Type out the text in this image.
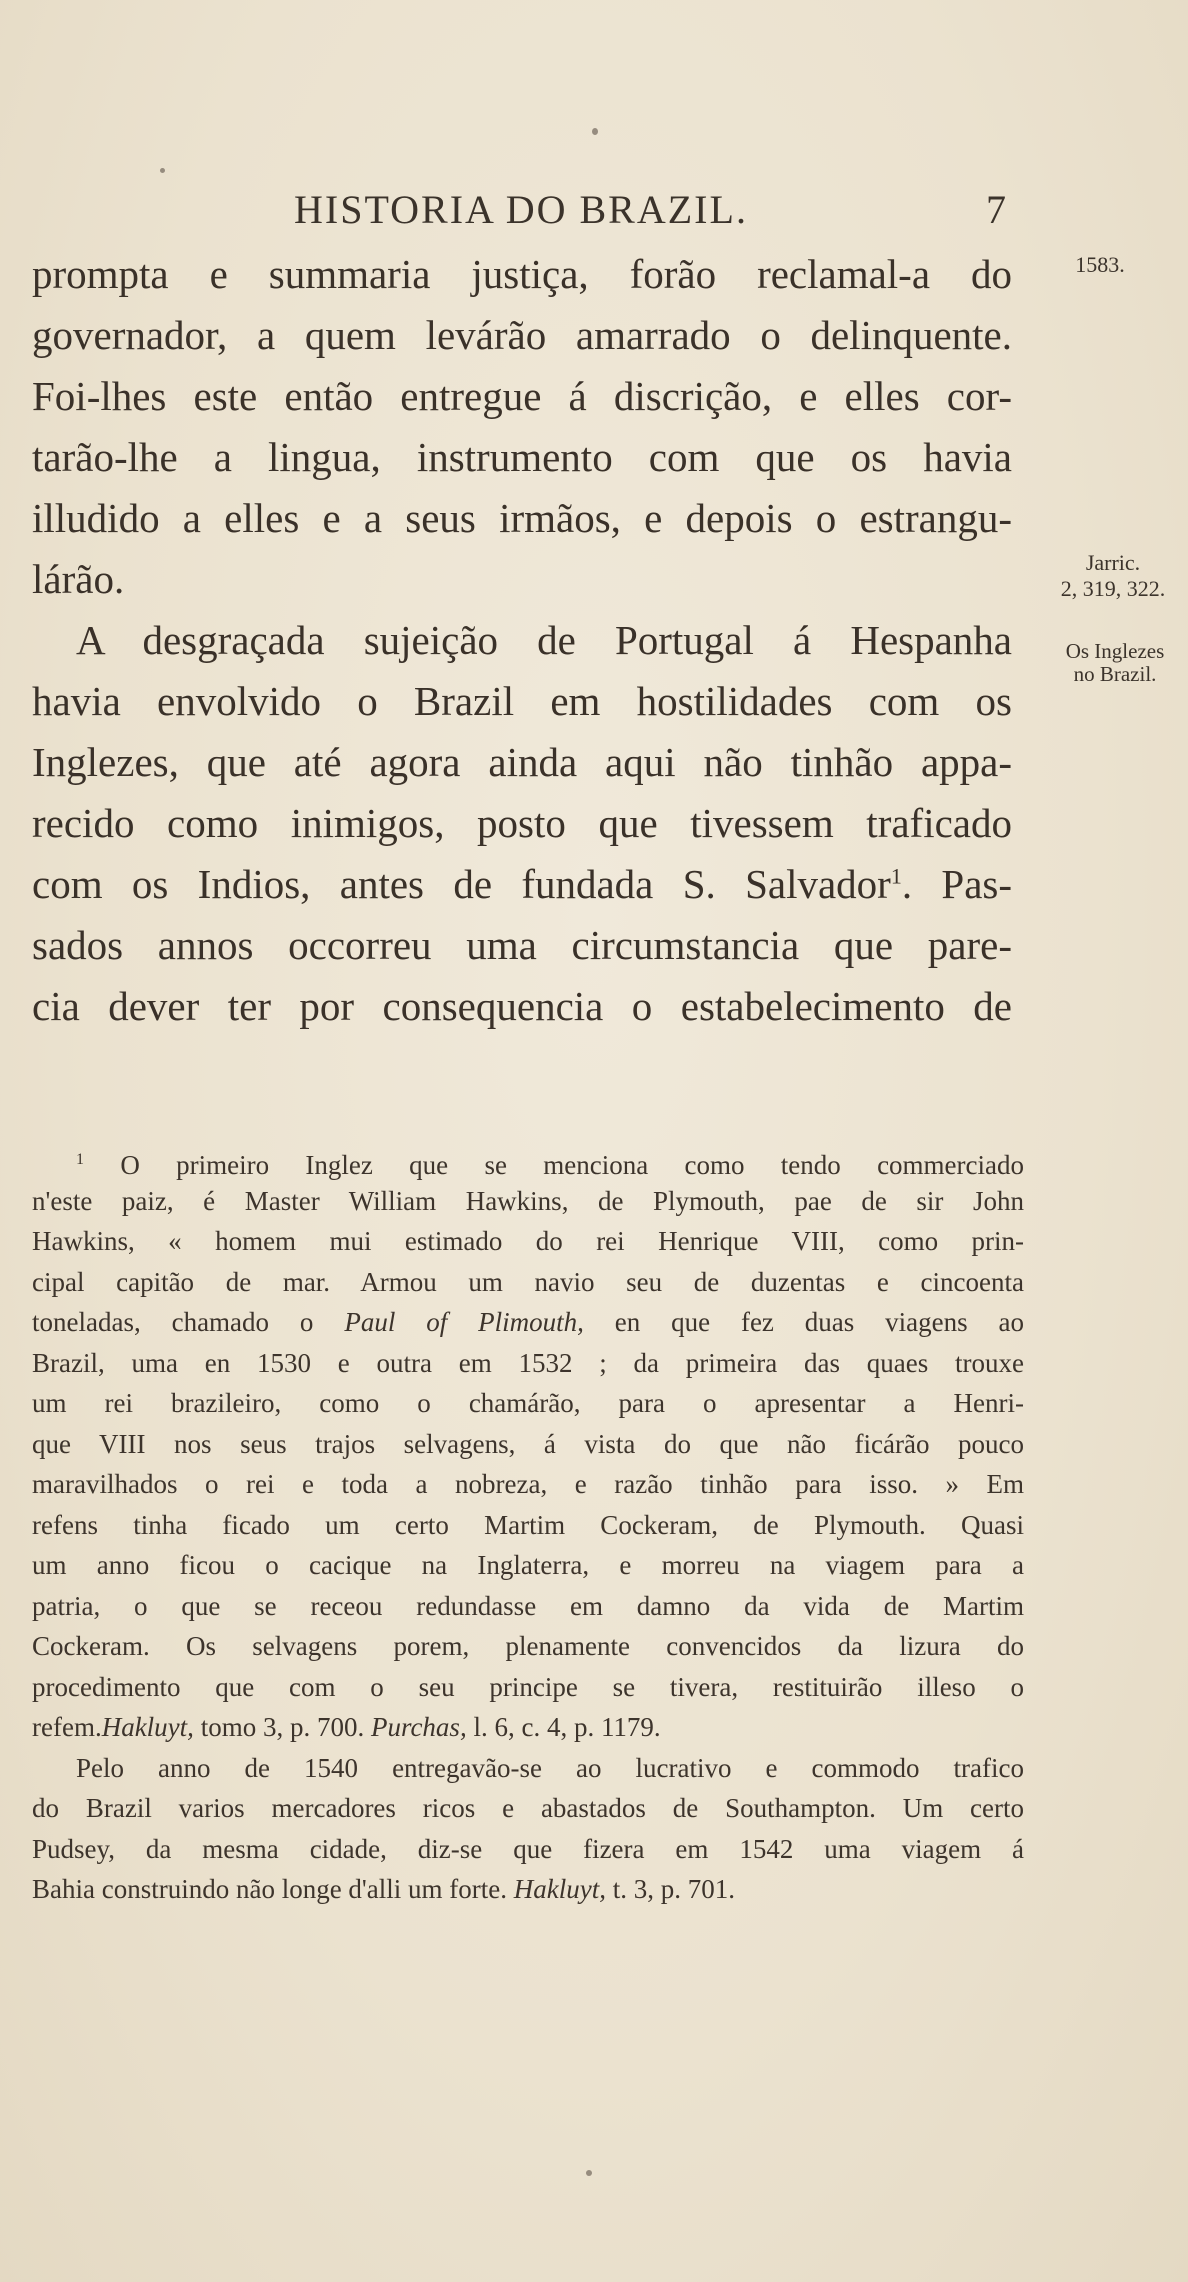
HISTORIA DO BRAZIL.	7
1583.
Jarric.
2, 319, 322.
Os Inglezes
no Brazil.
prompta e summaria justiça, forão reclamal-a do
governador, a quem levárão amarrado o delinquente.
Foi-lhes este então entregue á discrição, e elles cor-
tarão-lhe a lingua, instrumento com que os havia
illudido a elles e a seus irmãos, e depois o estrangu-
lárão.
A desgraçada sujeição de Portugal á Hespanha
havia envolvido o Brazil em hostilidades com os
Inglezes, que até agora ainda aqui não tinhão appa-
recido como inimigos, posto que tivessem traficado
com os Indios, antes de fundada S. Salvador$^1$. Pas-
sados annos occorreu uma circumstancia que pare-
cia dever ter por consequencia o estabelecimento de
$^1$ O primeiro Inglez que se menciona como tendo commerciado
n'este paiz, é Master William Hawkins, de Plymouth, pae de sir John
Hawkins, « homem mui estimado do rei Henrique VIII, como prin-
cipal capitão de mar. Armou um navio seu de duzentas e cincoenta
toneladas, chamado o Paul of Plimouth, en que fez duas viagens ao
Brazil, uma en 1530 e outra em 1532 ; da primeira das quaes trouxe
um rei brazileiro, como o chamárão, para o apresentar a Henri-
que VIII nos seus trajos selvagens, á vista do que não ficárão pouco
maravilhados o rei e toda a nobreza, e razão tinhão para isso. » Em
refens tinha ficado um certo Martim Cockeram, de Plymouth. Quasi
um anno ficou o cacique na Inglaterra, e morreu na viagem para a
patria, o que se receou redundasse em damno da vida de Martim
Cockeram. Os selvagens porem, plenamente convencidos da lizura do
procedimento que com o seu principe se tivera, restituirão illeso o
refem.Hakluyt, tomo 3, p. 700. Purchas, l. 6, c. 4, p. 1179.
Pelo anno de 1540 entregavão-se ao lucrativo e commodo trafico
do Brazil varios mercadores ricos e abastados de Southampton. Um certo
Pudsey, da mesma cidade, diz-se que fizera em 1542 uma viagem á
Bahia construindo não longe d'alli um forte. Hakluyt, t. 3, p. 701.
